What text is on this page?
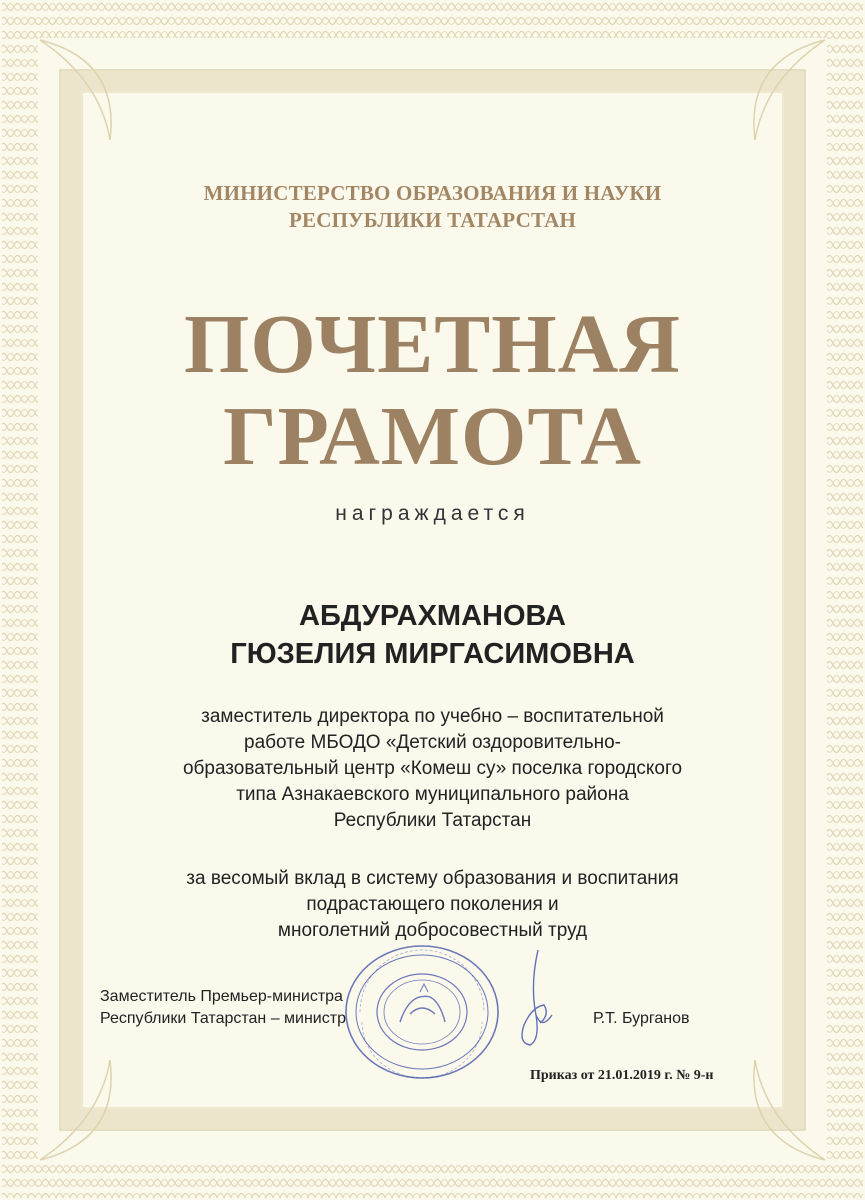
МИНИСТЕРСТВО ОБРАЗОВАНИЯ И НАУКИ
РЕСПУБЛИКИ ТАТАРСТАН
ПОЧЕТНАЯ
ГРАМОТА
награждается
АБДУРАХМАНОВА
ГЮЗЕЛИЯ МИРГАСИМОВНА
заместитель директора по учебно – воспитательной
работе МБОДО «Детский оздоровительно-
образовательный центр «Комеш су» поселка городского
типа Азнакаевского муниципального района
Республики Татарстан
за весомый вклад в систему образования и воспитания
подрастающего поколения и
многолетний добросовестный труд
Заместитель Премьер-министра
Республики Татарстан – министр	Р.Т. Бурганов
Приказ от 21.01.2019 г. № 9-н
